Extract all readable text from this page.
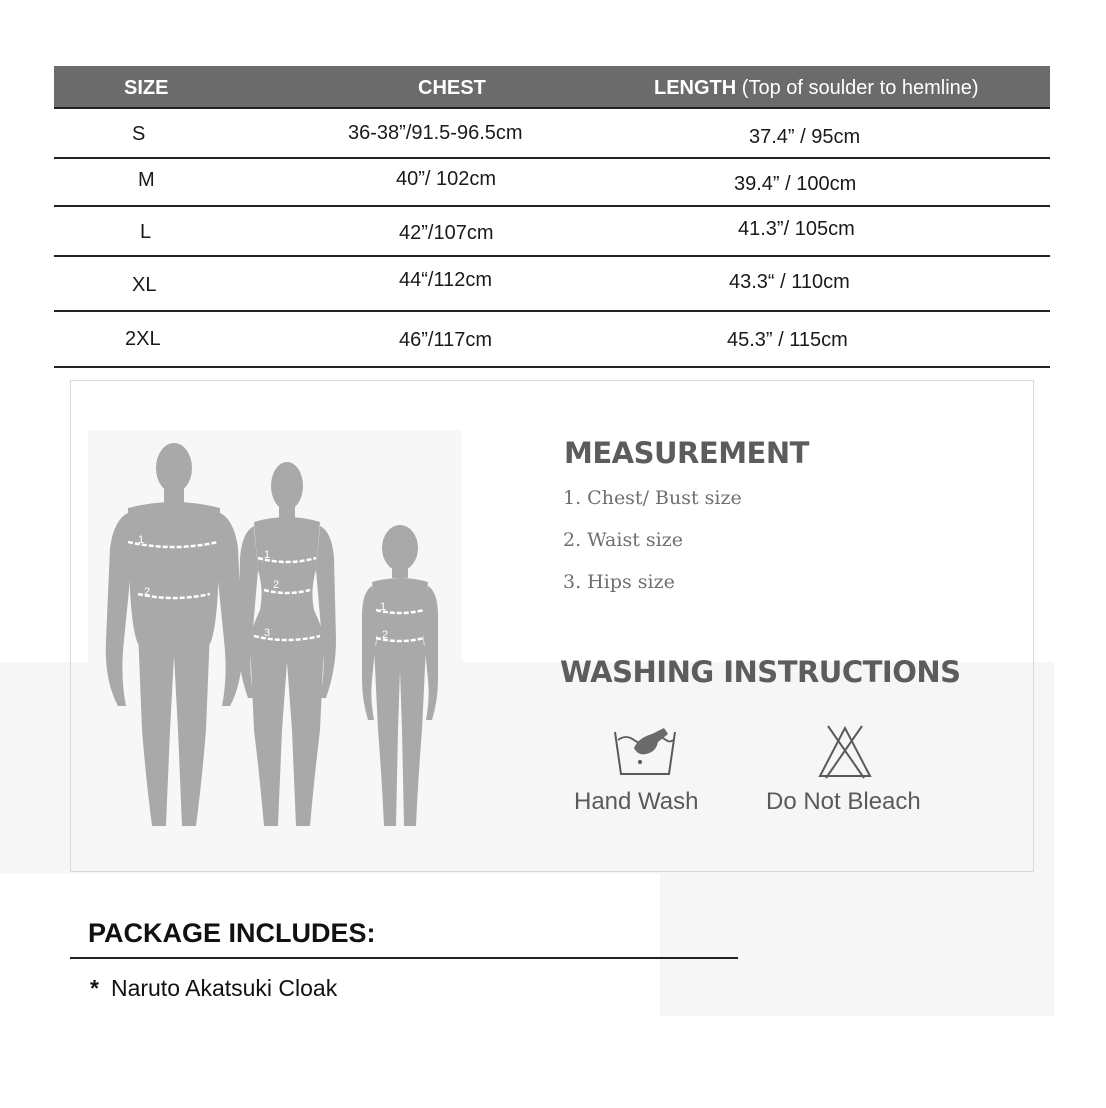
SIZE	CHEST	LENGTH (Top of soulder to hemline)
S	36-38”/91.5-96.5cm	37.4” / 95cm
M	40”/ 102cm	39.4” / 100cm
L	42”/107cm	41.3”/ 105cm
XL	44“/112cm	43.3“ / 110cm
2XL	46”/117cm	45.3” / 115cm
1
2
1
2
3
1
2
MEASUREMENT
1. Chest/ Bust size
2. Waist size
3. Hips size
WASHING INSTRUCTIONS
Hand Wash	Do Not Bleach
PACKAGE INCLUDES:
* Naruto Akatsuki Cloak
